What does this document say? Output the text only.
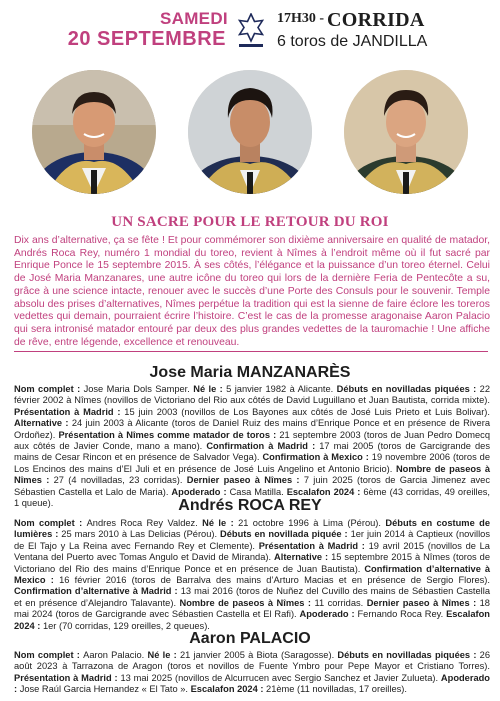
SAMEDI
20 SEPTEMBRE
17H30 - CORRIDA
6 toros de JANDILLA
UN SACRE POUR LE RETOUR DU ROI
Dix ans d’alternative, ça se fête ! Et pour commémorer son dixième anniversaire en qualité de matador, Andrés Roca Rey, numéro 1 mondial du toreo, revient à Nîmes à l’endroit même où il fut sacré par Enrique Ponce le 15 septembre 2015. À ses côtés, l’élégance et la puissance d’un toreo éternel. Celui de José Maria Manzanares, une autre icône du toreo qui lors de la dernière Feria de Pentecôte a su, grâce à une science intacte, renouer avec le succès d’une Porte des Consuls pour le souvenir. Temple absolu des prises d’alternatives, Nîmes perpétue la tradition qui est la sienne de faire éclore les toreros vedettes qui demain, pourraient écrire l’histoire. C’est le cas de la promesse aragonaise Aaron Palacio qui sera intronisé matador entouré par deux des plus grandes vedettes de la tauromachie ! Une affiche de rêve, entre légende, excellence et renouveau.
Jose Maria MANZANARÈS
Nom complet : Jose Maria Dols Samper. Né le : 5 janvier 1982 à Alicante. Débuts en novilladas piquées : 22 février 2002 à Nîmes (novillos de Victoriano del Rio aux côtés de David Luguillano et Juan Bautista, corrida mixte). Présentation à Madrid : 15 juin 2003 (novillos de Los Bayones aux côtés de José Luis Prieto et Luis Bolivar). Alternative : 24 juin 2003 à Alicante (toros de Daniel Ruiz des mains d’Enrique Ponce et en présence de Rivera Ordoñez). Présentation à Nîmes comme matador de toros : 21 septembre 2003 (toros de Juan Pedro Domecq aux côtés de Javier Conde, mano a mano). Confirmation à Madrid : 17 mai 2005 (toros de Garcigrande des mains de Cesar Rincon et en présence de Salvador Vega). Confirmation à Mexico : 19 novembre 2006 (toros de Los Encinos des mains d’El Juli et en présence de José Luis Angelino et Antonio Bricio). Nombre de paseos à Nîmes : 27 (4 novilladas, 23 corridas). Dernier paseo à Nîmes : 7 juin 2025 (toros de Garcia Jimenez avec Sébastien Castella et Lalo de Maria). Apoderado : Casa Matilla. Escalafon 2024 : 6ème (43 corridas, 49 oreilles, 1 queue).	Andrés ROCA REY
Nom complet : Andres Roca Rey Valdez. Né le : 21 octobre 1996 à Lima (Pérou). Débuts en costume de lumières : 25 mars 2010 à Las Delicias (Pérou). Débuts en novillada piquée : 1er juin 2014 à Captieux (novillos de El Tajo y La Reina avec Fernando Rey et Clemente). Présentation à Madrid : 19 avril 2015 (novillos de La Ventana del Puerto avec Tomas Angulo et David de Miranda). Alternative : 15 septembre 2015 à Nîmes (toros de Victoriano del Rio des mains d’Enrique Ponce et en présence de Juan Bautista). Confirmation d’alternative à Mexico : 16 février 2016 (toros de Barralva des mains d’Arturo Macias et en présence de Sergio Flores). Confirmation d’alternative à Madrid : 13 mai 2016 (toros de Nuñez del Cuvillo des mains de Sébastien Castella et en présence d’Alejandro Talavante). Nombre de paseos à Nîmes : 11 corridas. Dernier paseo à Nîmes : 18 mai 2024 (toros de Garcigrande avec Sébastien Castella et El Rafi). Apoderado : Fernando Roca Rey. Escalafon 2024 : 1er (70 corridas, 129 oreilles, 2 queues).
Aaron PALACIO
Nom complet : Aaron Palacio. Né le : 21 janvier 2005 à Biota (Saragosse). Débuts en novilladas piquées : 26 août 2023 à Tarrazona de Aragon (toros et novillos de Fuente Ymbro pour Pepe Mayor et Cristiano Torres). Présentation à Madrid : 13 mai 2025 (novillos de Alcurrucen avec Sergio Sanchez et Javier Zulueta). Apoderado : Jose Raúl Garcia Hernandez « El Tato ». Escalafon 2024 : 21ème (11 novilladas, 17 oreilles).
